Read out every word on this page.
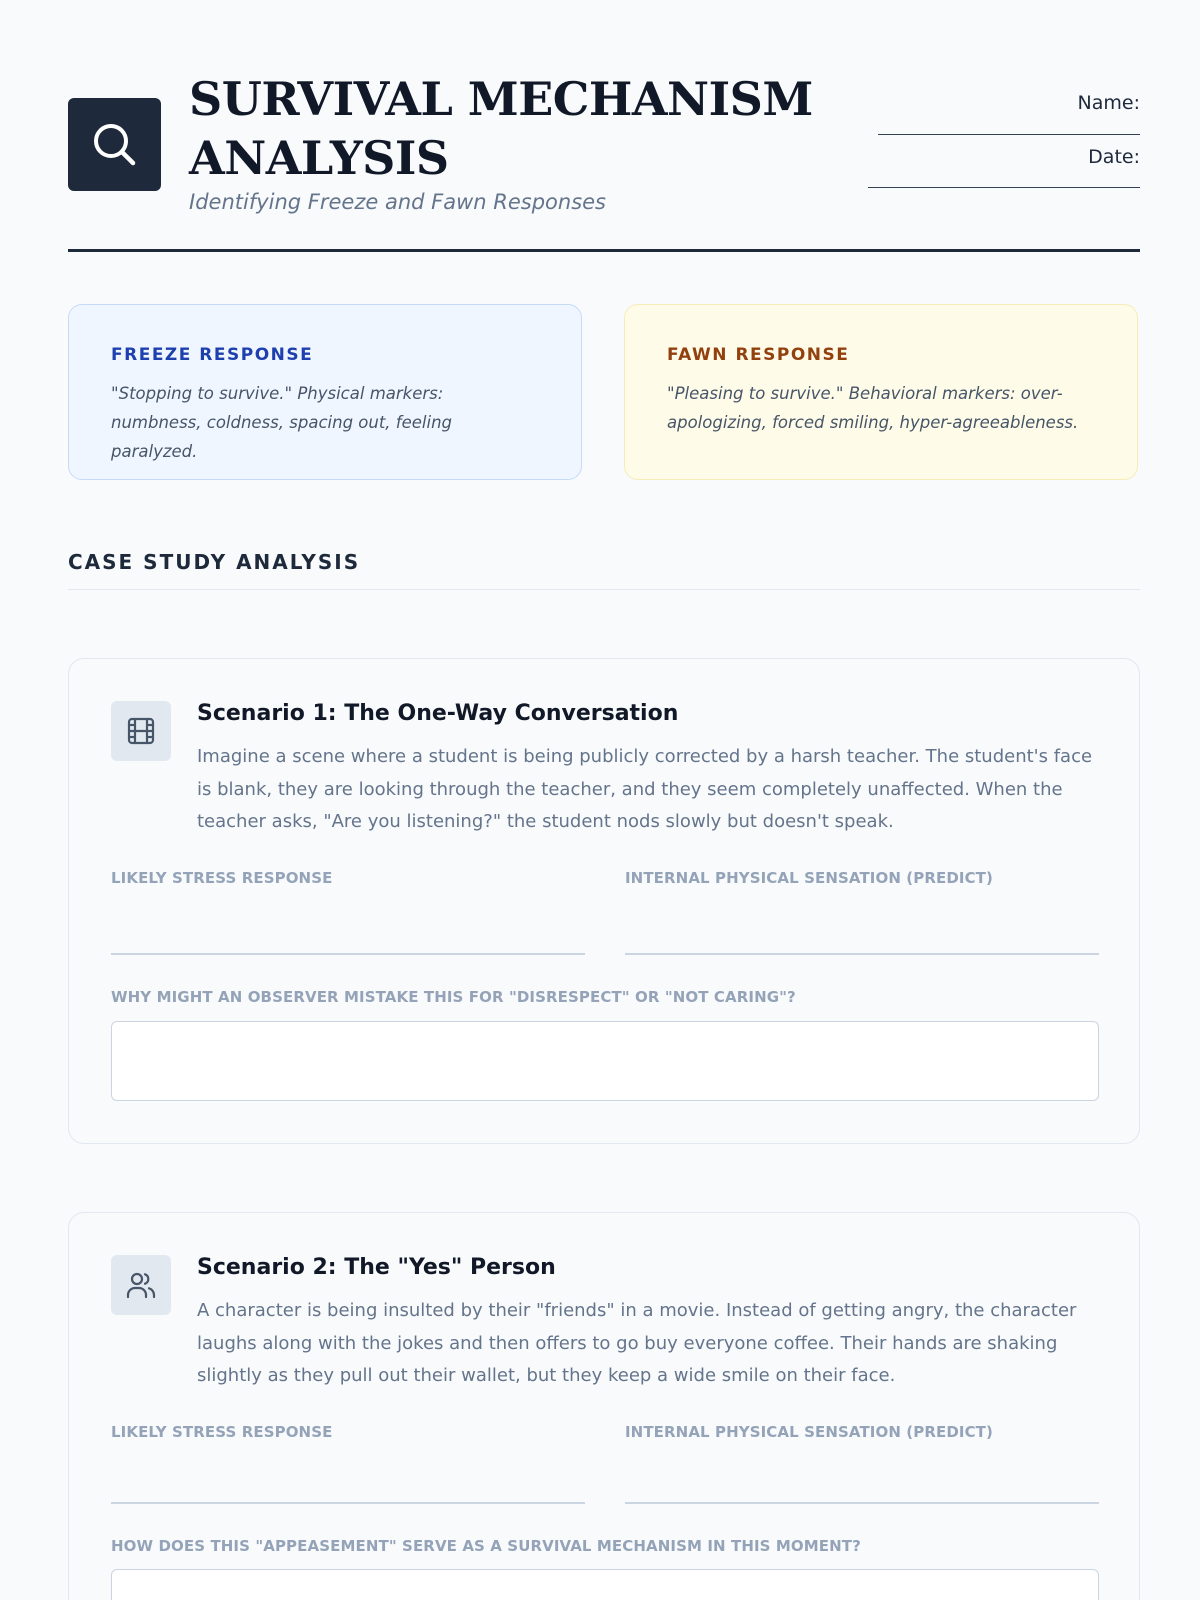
SURVIVAL MECHANISM ANALYSIS
Identifying Freeze and Fawn Responses
Name:
Date:
FREEZE RESPONSE
"Stopping to survive." Physical markers: numbness, coldness, spacing out, feeling paralyzed.
FAWN RESPONSE
"Pleasing to survive." Behavioral markers: over-apologizing, forced smiling, hyper-agreeableness.
CASE STUDY ANALYSIS
Scenario 1: The One-Way Conversation
Imagine a scene where a student is being publicly corrected by a harsh teacher. The student's face is blank, they are looking through the teacher, and they seem completely unaffected. When the teacher asks, "Are you listening?" the student nods slowly but doesn't speak.
LIKELY STRESS RESPONSE	INTERNAL PHYSICAL SENSATION (PREDICT)
WHY MIGHT AN OBSERVER MISTAKE THIS FOR "DISRESPECT" OR "NOT CARING"?
Scenario 2: The "Yes" Person
A character is being insulted by their "friends" in a movie. Instead of getting angry, the character laughs along with the jokes and then offers to go buy everyone coffee. Their hands are shaking slightly as they pull out their wallet, but they keep a wide smile on their face.
LIKELY STRESS RESPONSE	INTERNAL PHYSICAL SENSATION (PREDICT)
HOW DOES THIS "APPEASEMENT" SERVE AS A SURVIVAL MECHANISM IN THIS MOMENT?
